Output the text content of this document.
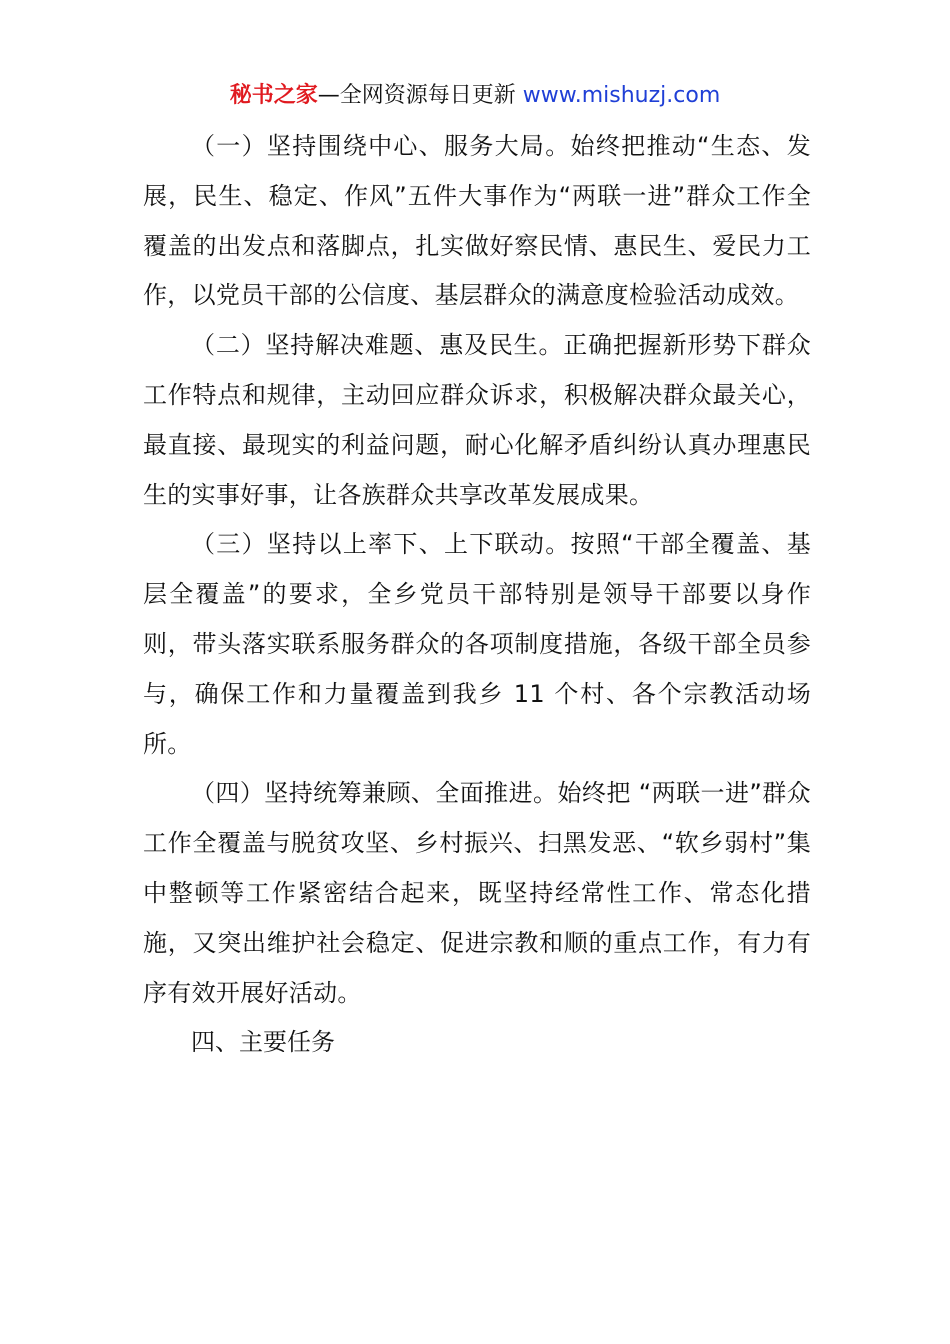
秘书之家—全网资源每日更新 www.mishuzj.com

（一）坚持围绕中心、服务大局。始终把推动“生态、发展，民生、稳定、作风”五件大事作为“两联一进”群众工作全覆盖的出发点和落脚点，扎实做好察民情、惠民生、爱民力工作，以党员干部的公信度、基层群众的满意度检验活动成效。

（二）坚持解决难题、惠及民生。正确把握新形势下群众工作特点和规律，主动回应群众诉求，积极解决群众最关心，最直接、最现实的利益问题，耐心化解矛盾纠纷认真办理惠民生的实事好事，让各族群众共享改革发展成果。

（三）坚持以上率下、上下联动。按照“干部全覆盖、基层全覆盖”的要求，全乡党员干部特别是领导干部要以身作则，带头落实联系服务群众的各项制度措施，各级干部全员参与，确保工作和力量覆盖到我乡 11 个村、各个宗教活动场所。

（四）坚持统筹兼顾、全面推进。始终把 “两联一进”群众工作全覆盖与脱贫攻坚、乡村振兴、扫黑发恶、“软乡弱村”集中整顿等工作紧密结合起来，既坚持经常性工作、常态化措施，又突出维护社会稳定、促进宗教和顺的重点工作，有力有序有效开展好活动。

四、主要任务
